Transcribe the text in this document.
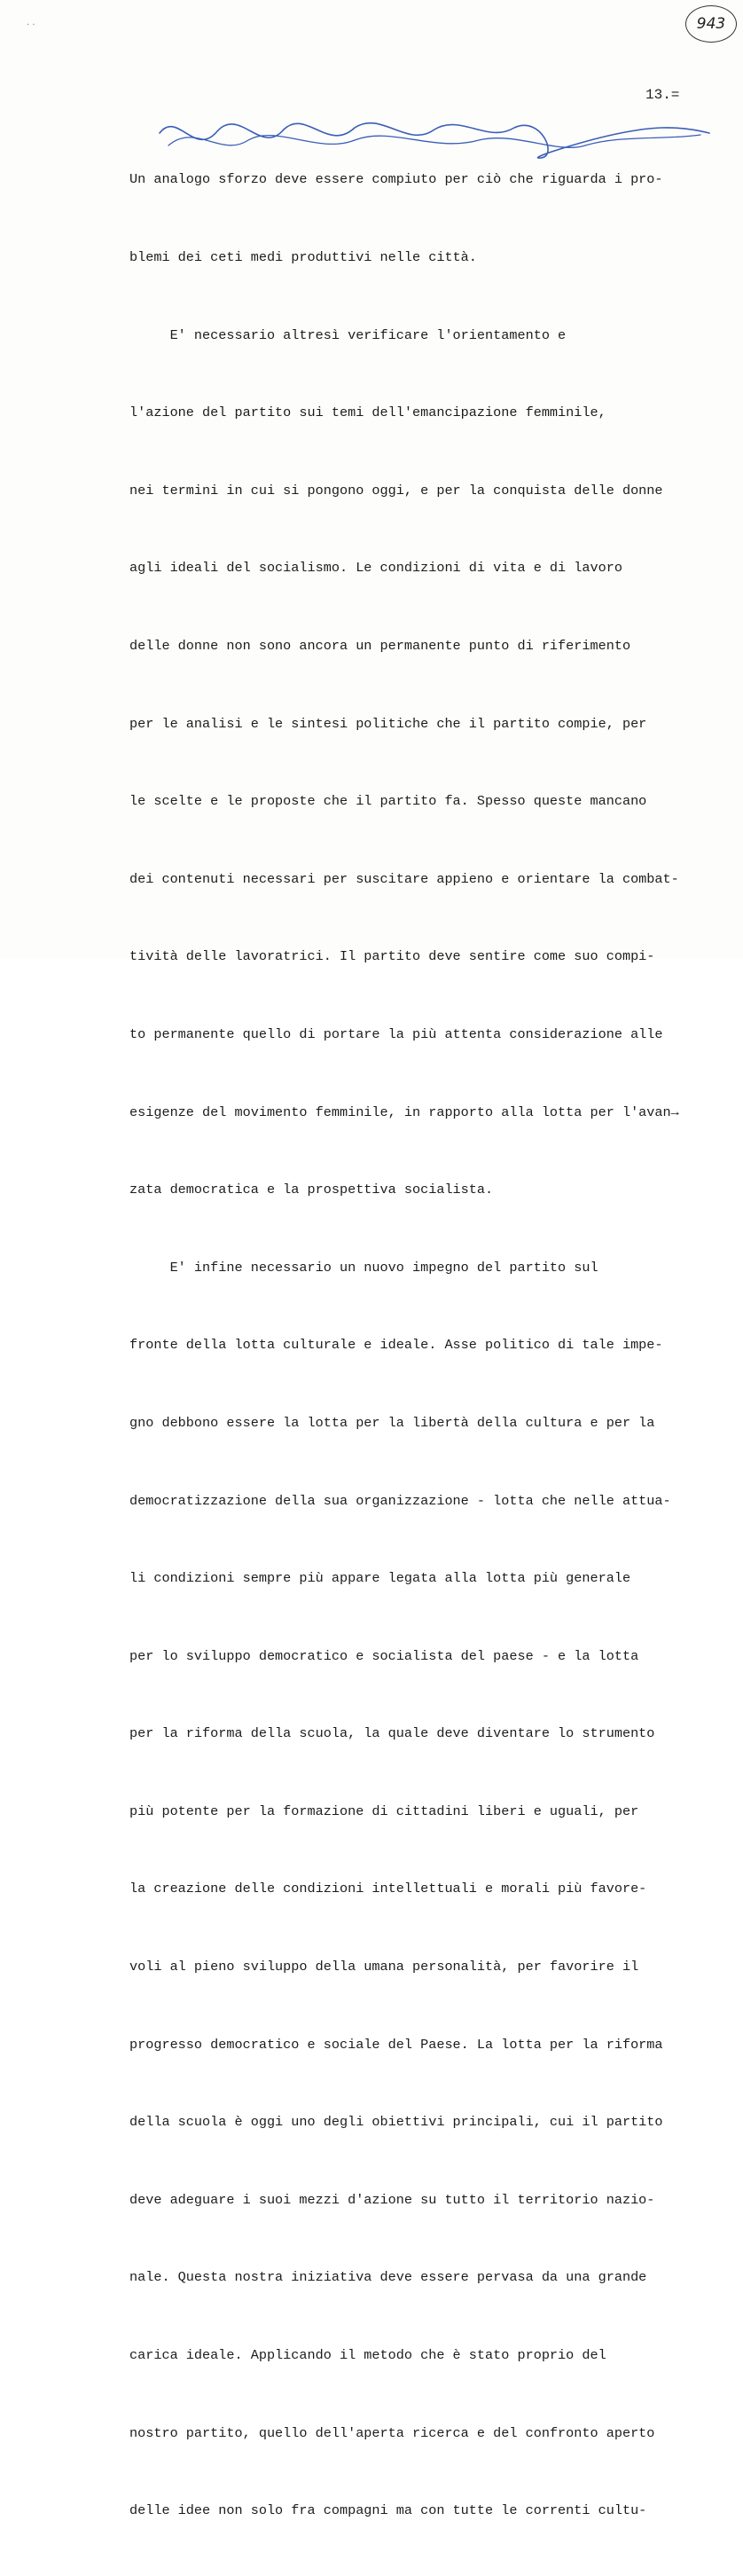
· ·	943
13.=

Un analogo sforzo deve essere compiuto per ciò che riguarda i pro-

blemi dei ceti medi produttivi nelle città.

E' necessario altresì verificare l'orientamento e

l'azione del partito sui temi dell'emancipazione femminile,

nei termini in cui si pongono oggi, e per la conquista delle donne

agli ideali del socialismo. Le condizioni di vita e di lavoro

delle donne non sono ancora un permanente punto di riferimento

per le analisi e le sintesi politiche che il partito compie, per

le scelte e le proposte che il partito fa. Spesso queste mancano

dei contenuti necessari per suscitare appieno e orientare la combat-

tività delle lavoratrici. Il partito deve sentire come suo compi-

to permanente quello di portare la più attenta considerazione alle

esigenze del movimento femminile, in rapporto alla lotta per l'avan→

zata democratica e la prospettiva socialista.

E' infine necessario un nuovo impegno del partito sul

fronte della lotta culturale e ideale. Asse politico di tale impe-

gno debbono essere la lotta per la libertà della cultura e per la

democratizzazione della sua organizzazione - lotta che nelle attua-

li condizioni sempre più appare legata alla lotta più generale

per lo sviluppo democratico e socialista del paese - e la lotta

per la riforma della scuola, la quale deve diventare lo strumento

più potente per la formazione di cittadini liberi e uguali, per

la creazione delle condizioni intellettuali e morali più favore-

voli al pieno sviluppo della umana personalità, per favorire il

progresso democratico e sociale del Paese. La lotta per la riforma

della scuola è oggi uno degli obiettivi principali, cui il partito

deve adeguare i suoi mezzi d'azione su tutto il territorio nazio-

nale. Questa nostra iniziativa deve essere pervasa da una grande

carica ideale. Applicando il metodo che è stato proprio del

nostro partito, quello dell'aperta ricerca e del confronto aperto

delle idee non solo fra compagni ma con tutte le correnti cultu-
